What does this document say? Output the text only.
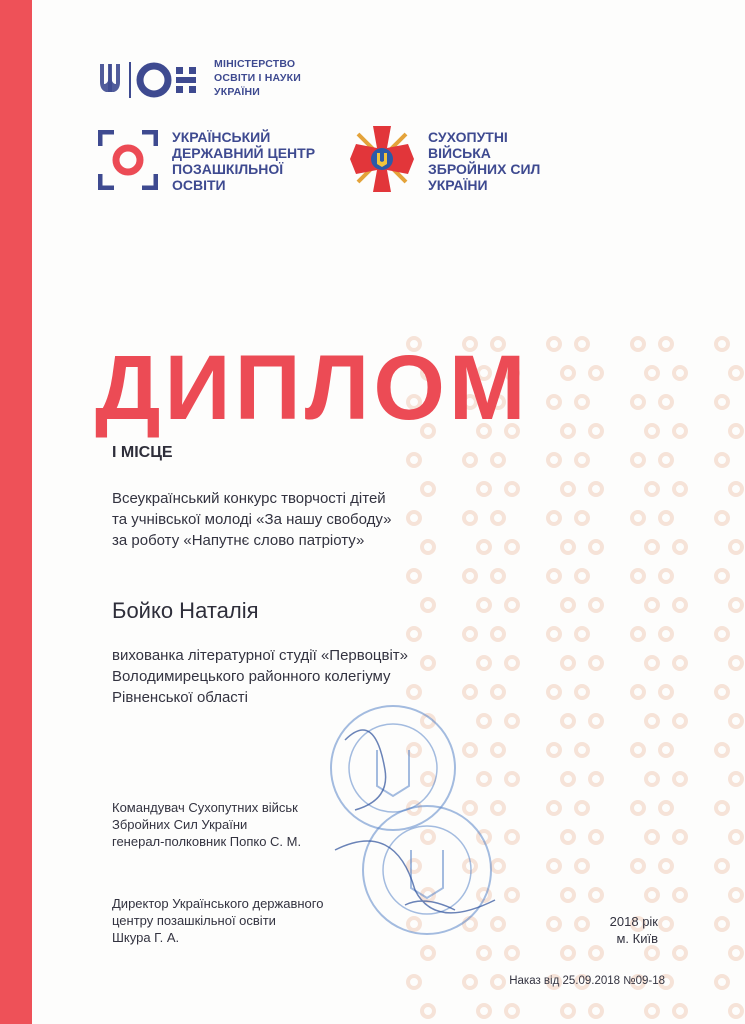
МІНІСТЕРСТВО
ОСВІТИ І НАУКИ
УКРАЇНИ
УКРАЇНСЬКИЙ
ДЕРЖАВНИЙ ЦЕНТР
ПОЗАШКІЛЬНОЇ
ОСВІТИ
СУХОПУТНІ
ВІЙСЬКА
ЗБРОЙНИХ СИЛ
УКРАЇНИ
ДИПЛОМ
І МІСЦЕ
Всеукраїнський конкурс творчості дітей
та учнівської молоді «За нашу свободу»
за роботу «Напутнє слово патріоту»
Бойко Наталія
вихованка літературної студії «Первоцвіт»
Володимирецького районного колегіуму
Рівненської області
Командувач Сухопутних військ
Збройних Сил України
генерал-полковник Попко С. М.
Директор Українського державного
центру позашкільної освіти
Шкура Г. А.
2018 рік
м. Київ
Наказ від 25.09.2018 №09-18
